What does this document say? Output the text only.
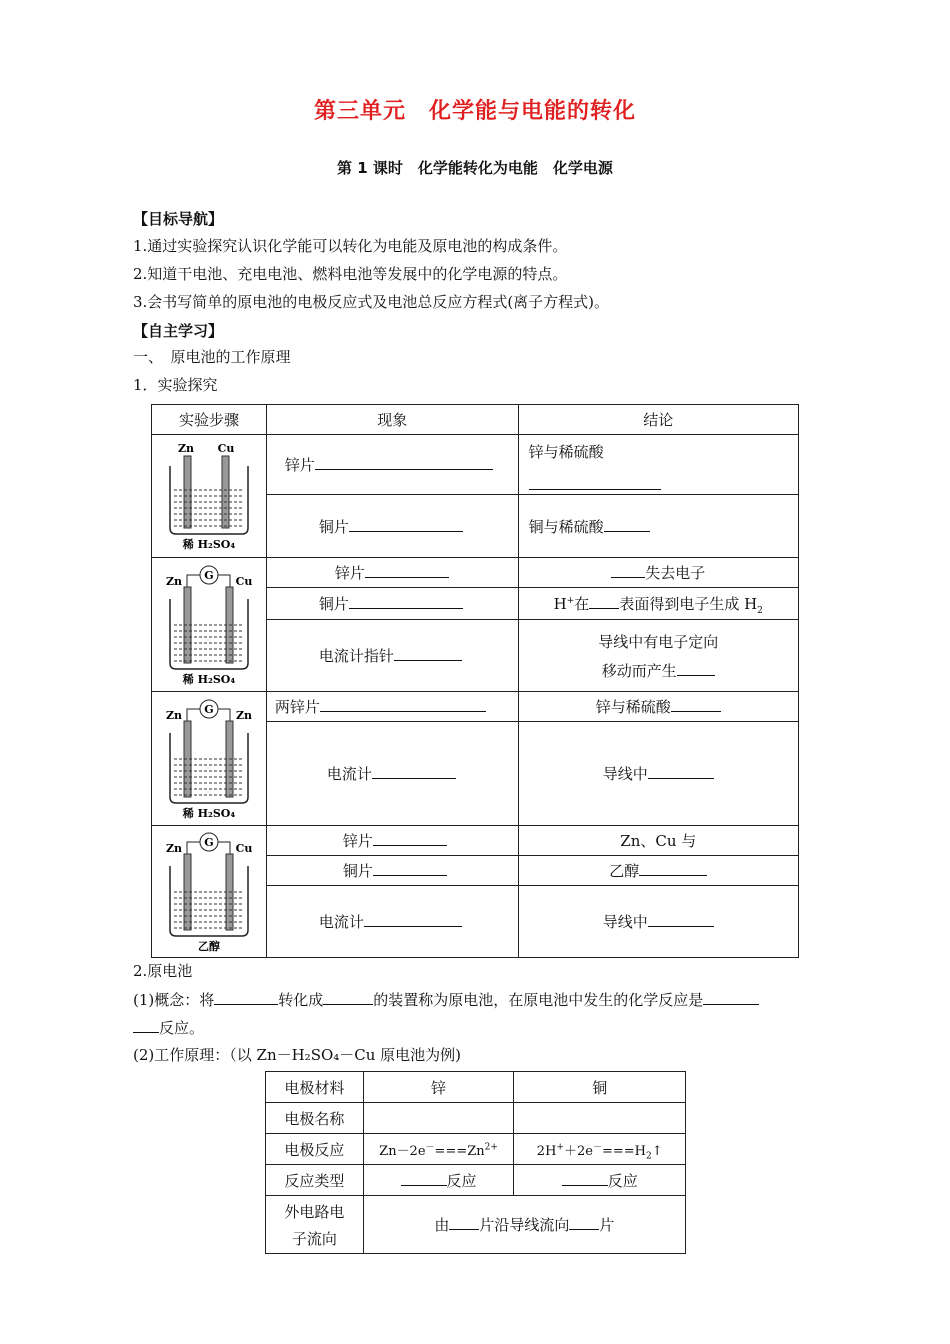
第三单元　化学能与电能的转化
第 1 课时　化学能转化为电能　化学电源
【目标导航】
1.通过实验探究认识化学能可以转化为电能及原电池的构成条件。
2.知道干电池、充电电池、燃料电池等发展中的化学电源的特点。
3.会书写简单的原电池的电极反应式及电池总反应方程式(离子方程式)。
【自主学习】
一、　原电池的工作原理
1．实验探究
实验步骤	现象	结论

Zn Cu
稀 H₂SO₄	锌片	锌与稀硫酸

	铜片	铜与稀硫酸

G
Zn Cu
稀 H₂SO₄	锌片	失去电子
	铜片	H+在 表面得到电子生成 $H_2$
	电流计指针	导线中有电子定向
移动而产生

G
Zn Zn
稀 H₂SO₄	两锌片	锌与稀硫酸
	电流计	导线中

G
Zn Cu
乙醇	锌片	Zn、Cu 与
	铜片	乙醇
	电流计	导线中
2.原电池
(1)概念：将	转化成	的装置称为原电池，在原电池中发生的化学反应是
反应。
(2)工作原理：（以 Zn－H₂SO₄－Cu 原电池为例)
电极材料	锌	铜
电极名称		
电极反应	$Zn-2e^-===Zn^{2+}$	$2H^++2e^-===H_2↑$
反应类型	反应	反应

外电路电
子流向	由 片沿导线流向 片	
